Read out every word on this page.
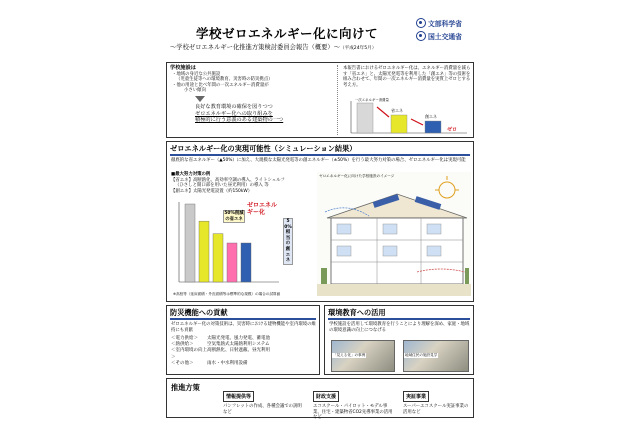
学校ゼロエネルギー化に向けて
文部科学省
国土交通省
～学校ゼロエネルギー化推進方策検討委員会報告（概要）～（平成24年5月）
学校施設は
・地域の身近な公共施設
（児童生徒等への環境教育、災害時の防災拠点）
・他の用途と比べ年間の一次エネルギー消費量が
小さい傾向
良好な教育環境の確保を図りつつ
ゼロエネルギー化への取り組みを
積極的に行う意義のある建築物の一つ
本報告書におけるゼロエネルギー化は、エネルギー消費量を減らす「省エネ」と、太陽光発電等を利用した「創エネ」等の技術を組み合わせて、年間の一次エネルギー消費量を実質上ゼロとする考え方。
省エネ
創エネ
一次エネルギー消費量
ゼロ
ゼロエネルギー化の実現可能性（シミュレーション結果）
徹底的な省エネルギー（▲50%）に加え、大規模な太陽光発電等の創エネルギー（±50%）を行う最大努力対策の場合、ゼロエネルギー化は実現可能
■最大努力対策の例
【省エネ】高断熱化、高効率空調の導入、ライトシェルフ
（ひさしと開口部を用いた昼光利用）の導入 等
【創エネ】太陽光発電設置（約150kW）
50%削減の省エネ
ゼロエネルギー化
50%相当の創エネ
※高校等（延床面積・外皮面積等は標準的な規模）の場合の試算値
ゼロエネルギー化に向けた学校施設のイメージ
防災機能への貢献
ゼロエネルギー化の対策技術は、災害時における建物機能や室内環境の維持にも貢献
＜電力供給＞	太陽光発電、風力発電、蓄電池
＜熱供給＞	空気集熱式太陽熱利用システム
＜室内環境の向上＞
高断熱化、日射遮蔽、昼光利用
＜その他＞	雨水・中水利用設備
環境教育への活用
学校施設を活用して環境教育を行うことにより理解を深め、家庭・地域の環境意識の向上につなげる
「見える化」の事例	地域住民の施設見学
推進方策
情報提供等
パンフレットの作成、各種会議での説明など
財政支援
エコスクール・パイロット・モデル事業、住宅・建築物省CO2先導事業の活用など
実証事業
スーパーエコスクール実証事業の活用など
